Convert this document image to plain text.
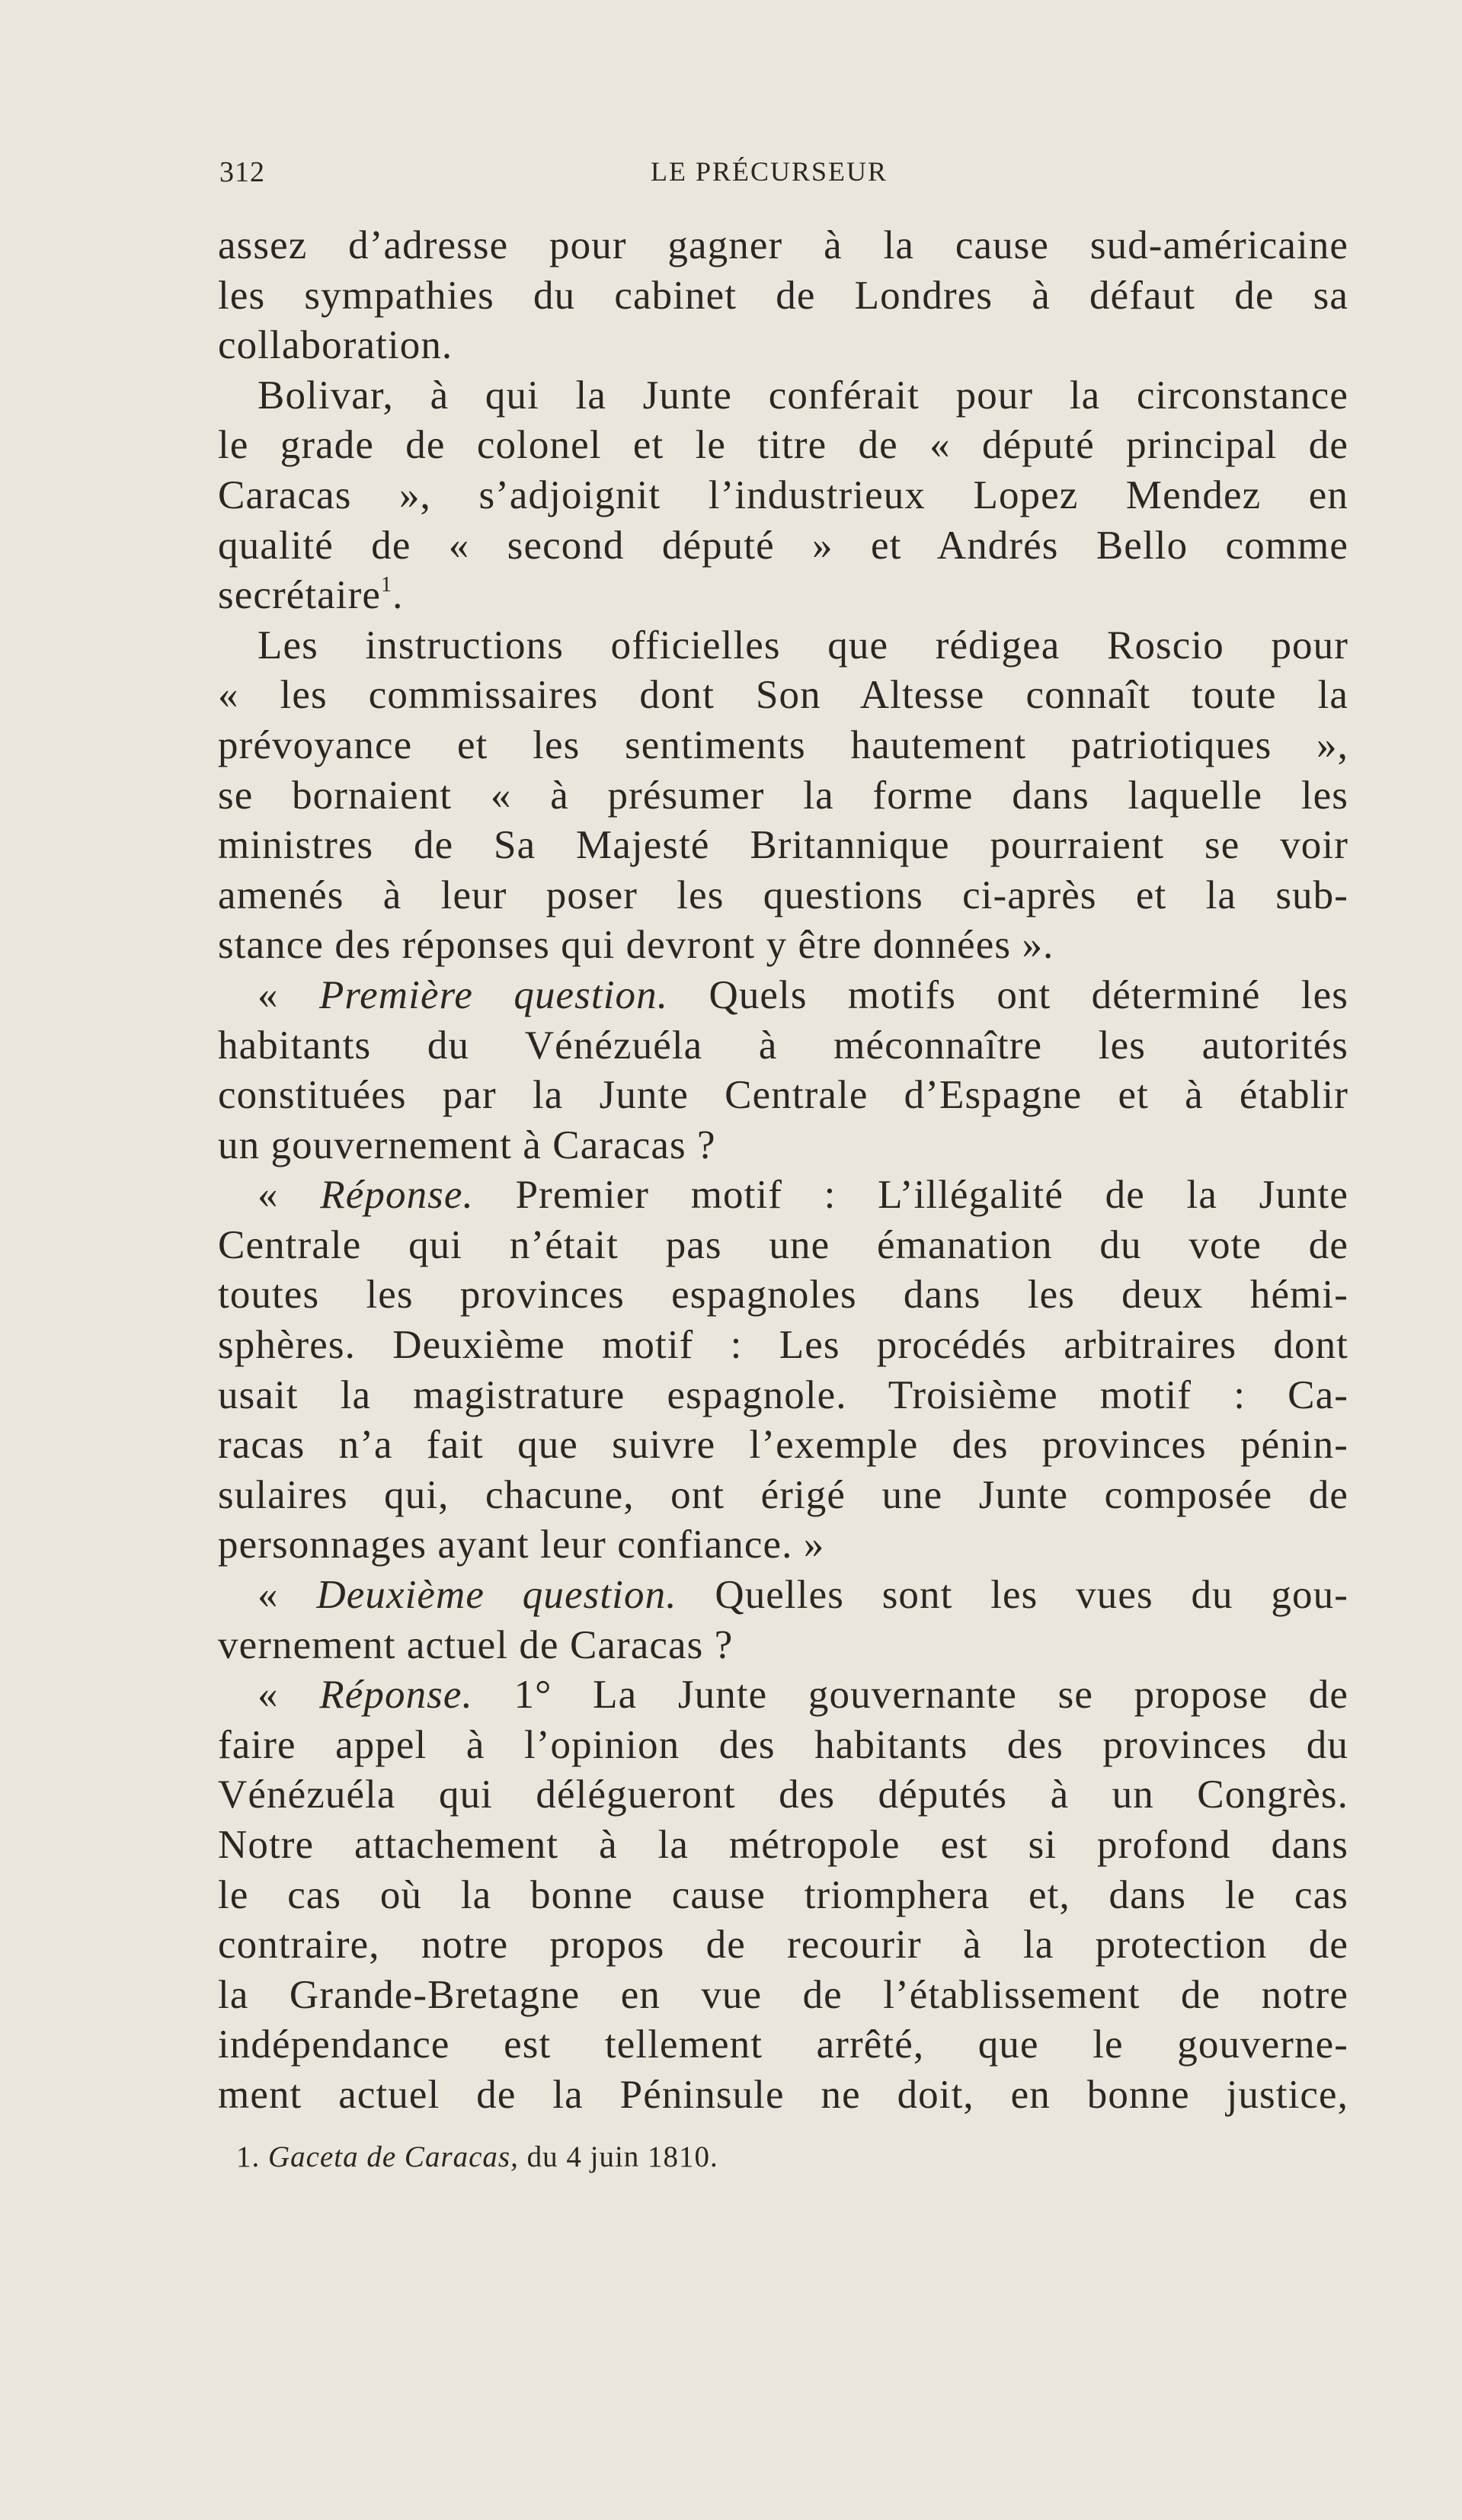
312	LE PRÉCURSEUR
assez d’adresse pour gagner à la cause sud-américaine
les sympathies du cabinet de Londres à défaut de sa
collaboration.
Bolivar, à qui la Junte conférait pour la circonstance
le grade de colonel et le titre de « député principal de
Caracas », s’adjoignit l’industrieux Lopez Mendez en
qualité de « second député » et Andrés Bello comme
secrétaire$^1$.
Les instructions officielles que rédigea Roscio pour
« les commissaires dont Son Altesse connaît toute la
prévoyance et les sentiments hautement patriotiques »,
se bornaient « à présumer la forme dans laquelle les
ministres de Sa Majesté Britannique pourraient se voir
amenés à leur poser les questions ci-après et la sub-
stance des réponses qui devront y être données ».
« Première question. Quels motifs ont déterminé les
habitants du Vénézuéla à méconnaître les autorités
constituées par la Junte Centrale d’Espagne et à établir
un gouvernement à Caracas ?
« Réponse. Premier motif : L’illégalité de la Junte
Centrale qui n’était pas une émanation du vote de
toutes les provinces espagnoles dans les deux hémi-
sphères. Deuxième motif : Les procédés arbitraires dont
usait la magistrature espagnole. Troisième motif : Ca-
racas n’a fait que suivre l’exemple des provinces pénin-
sulaires qui, chacune, ont érigé une Junte composée de
personnages ayant leur confiance. »
« Deuxième question. Quelles sont les vues du gou-
vernement actuel de Caracas ?
« Réponse. 1° La Junte gouvernante se propose de
faire appel à l’opinion des habitants des provinces du
Vénézuéla qui délégueront des députés à un Congrès.
Notre attachement à la métropole est si profond dans
le cas où la bonne cause triomphera et, dans le cas
contraire, notre propos de recourir à la protection de
la Grande-Bretagne en vue de l’établissement de notre
indépendance est tellement arrêté, que le gouverne-
ment actuel de la Péninsule ne doit, en bonne justice,
1. Gaceta de Caracas, du 4 juin 1810.
